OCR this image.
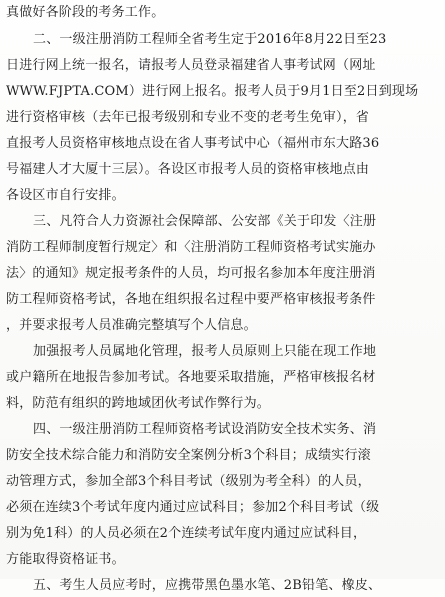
真做好各阶段的考务工作。
二、一级注册消防工程师全省考生定于2016年8月22日至23
日进行网上统一报名，请报考人员登录福建省人事考试网（网址
WWW.FJPTA.COM）进行网上报名。报考人员于9月1日至2日到现场
进行资格审核（去年已报考级别和专业不变的老考生免审），省
直报考人员资格审核地点设在省人事考试中心（福州市东大路36
号福建人才大厦十三层）。各设区市报考人员的资格审核地点由
各设区市自行安排。
三、凡符合人力资源社会保障部、公安部《关于印发〈注册
消防工程师制度暂行规定〉和〈注册消防工程师资格考试实施办
法〉的通知》规定报考条件的人员，均可报名参加本年度注册消
防工程师资格考试，各地在组织报名过程中要严格审核报考条件
，并要求报考人员准确完整填写个人信息。
加强报考人员属地化管理，报考人员原则上只能在现工作地
或户籍所在地报告参加考试。各地要采取措施，严格审核报名材
料，防范有组织的跨地域团伙考试作弊行为。
四、一级注册消防工程师资格考试设消防安全技术实务、消
防安全技术综合能力和消防安全案例分析3个科目；成绩实行滚
动管理方式，参加全部3个科目考试（级别为考全科）的人员，
必须在连续3个考试年度内通过应试科目；参加2个科目考试（级
别为免1科）的人员必须在2个连续考试年度内通过应试科目，
方能取得资格证书。
五、考生人员应考时，应携带黑色墨水笔、2B铅笔、橡皮、
